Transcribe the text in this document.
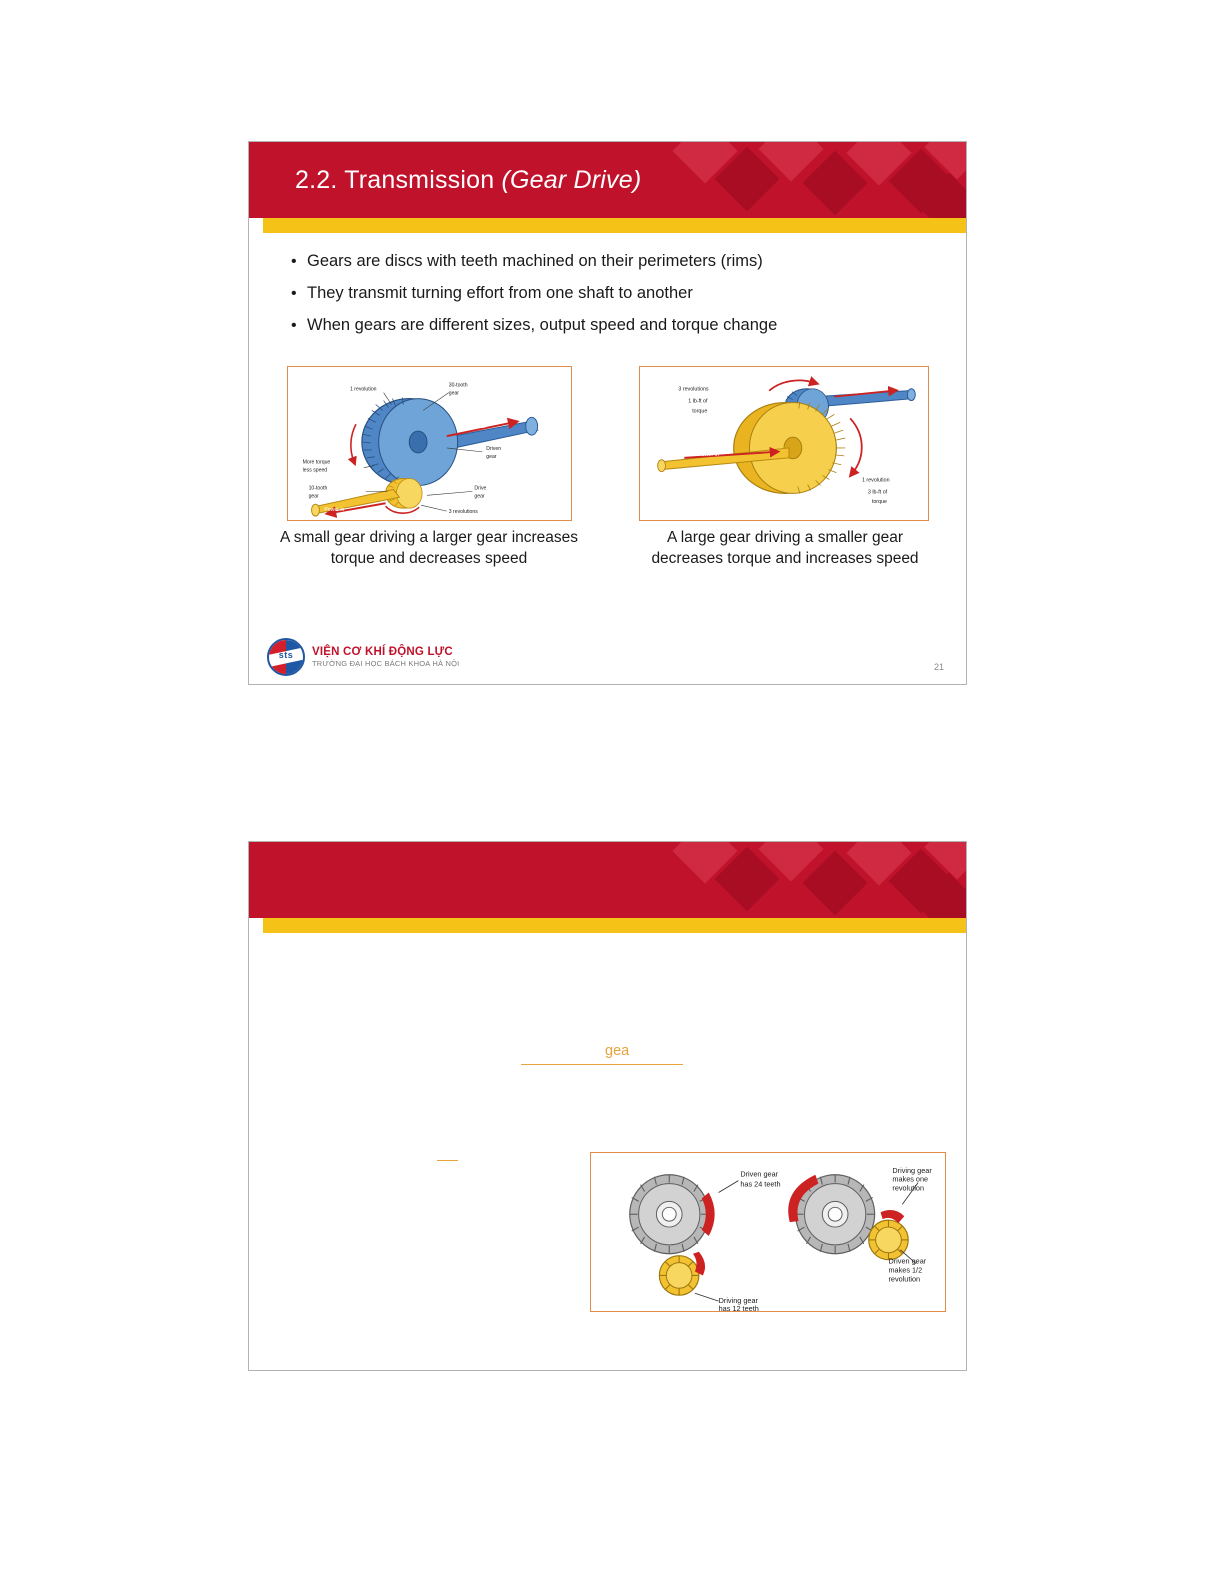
2.2. Transmission (Gear Drive)
• Gears are discs with teeth machined on their perimeters (rims)
• They transmit turning effort from one shaft to another
• When gears are different sizes, output speed and torque change
1 revolution
30-tooth
gear
Power out
Driven
gear
More torque
less speed
10-tooth
gear
Drive
gear
Power in	3 revolutions
3 revolutions
1 lb-ft of
torque
Power out
Power in
1 revolution
3 lb-ft of
torque
A small gear driving a larger gear increases torque and decreases speed
A large gear driving a smaller gear decreases torque and increases speed
sts	VIỆN CƠ KHÍ ĐỘNG LỰC
TRƯỜNG ĐẠI HỌC BÁCH KHOA HÀ NỘI	21
gea
Driven gear
has 24 teeth
Driving gear
has 12 teeth
Driving gear
makes one
revolution
Driven gear
makes 1/2
revolution
